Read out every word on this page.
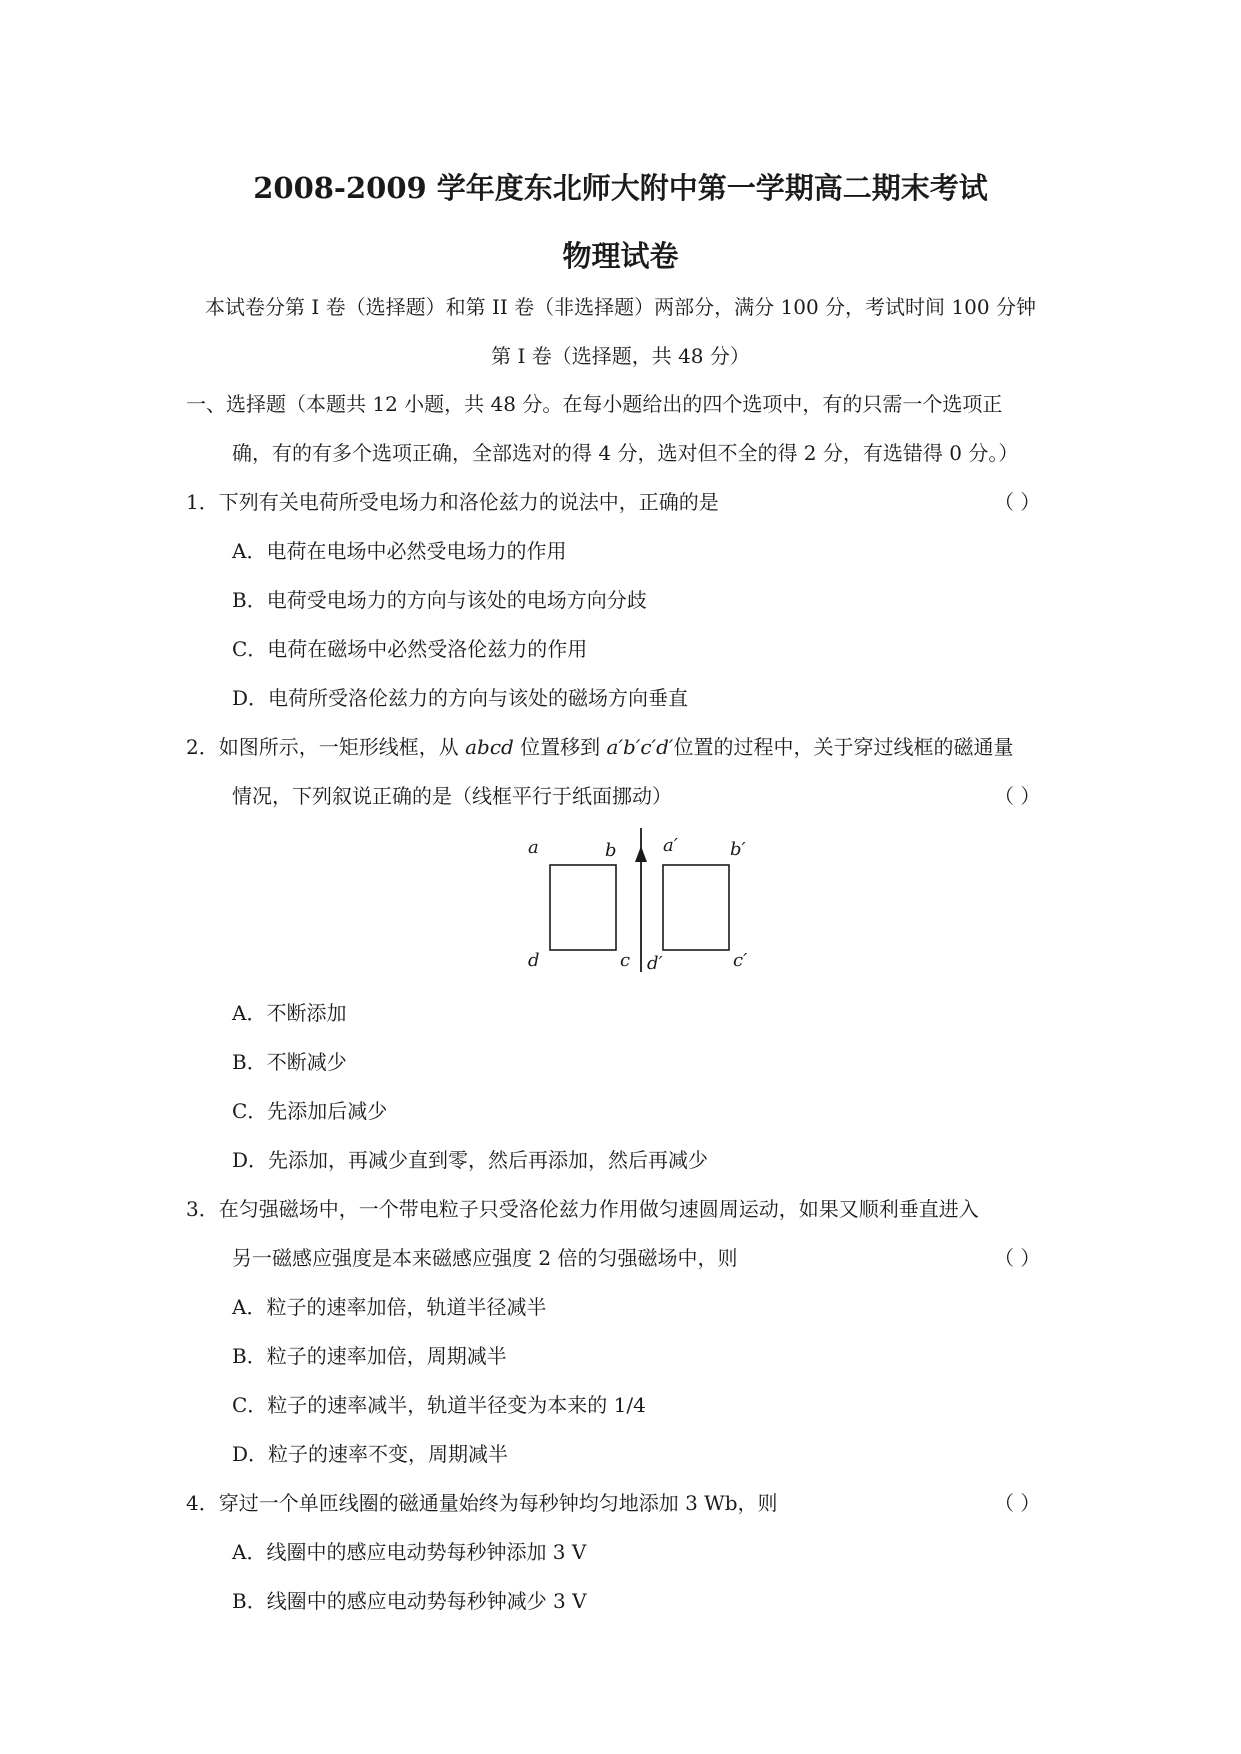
2008-2009 学年度东北师大附中第一学期高二期末考试
物理试卷
本试卷分第 I 卷（选择题）和第 II 卷（非选择题）两部分，满分 100 分，考试时间 100 分钟
第 I 卷（选择题，共 48 分）
一、选择题（本题共 12 小题，共 48 分。在每小题给出的四个选项中，有的只需一个选项正
确，有的有多个选项正确，全部选对的得 4 分，选对但不全的得 2 分，有选错得 0 分。）
1．下列有关电荷所受电场力和洛伦兹力的说法中，正确的是	（ ）
A．电荷在电场中必然受电场力的作用
B．电荷受电场力的方向与该处的电场方向分歧
C．电荷在磁场中必然受洛伦兹力的作用
D．电荷所受洛伦兹力的方向与该处的磁场方向垂直
2．如图所示，一矩形线框，从 abcd 位置移到 a′b′c′d′位置的过程中，关于穿过线框的磁通量
情况，下列叙说正确的是（线框平行于纸面挪动）	（ ）
a	b
d	c
a′	b′
d′	c′
A．不断添加
B．不断减少
C．先添加后减少
D．先添加，再减少直到零，然后再添加，然后再减少
3．在匀强磁场中，一个带电粒子只受洛伦兹力作用做匀速圆周运动，如果又顺利垂直进入
另一磁感应强度是本来磁感应强度 2 倍的匀强磁场中，则	（ ）
A．粒子的速率加倍，轨道半径减半
B．粒子的速率加倍，周期减半
C．粒子的速率减半，轨道半径变为本来的 1/4
D．粒子的速率不变，周期减半
4．穿过一个单匝线圈的磁通量始终为每秒钟均匀地添加 3 Wb，则	（ ）
A．线圈中的感应电动势每秒钟添加 3 V
B．线圈中的感应电动势每秒钟减少 3 V
